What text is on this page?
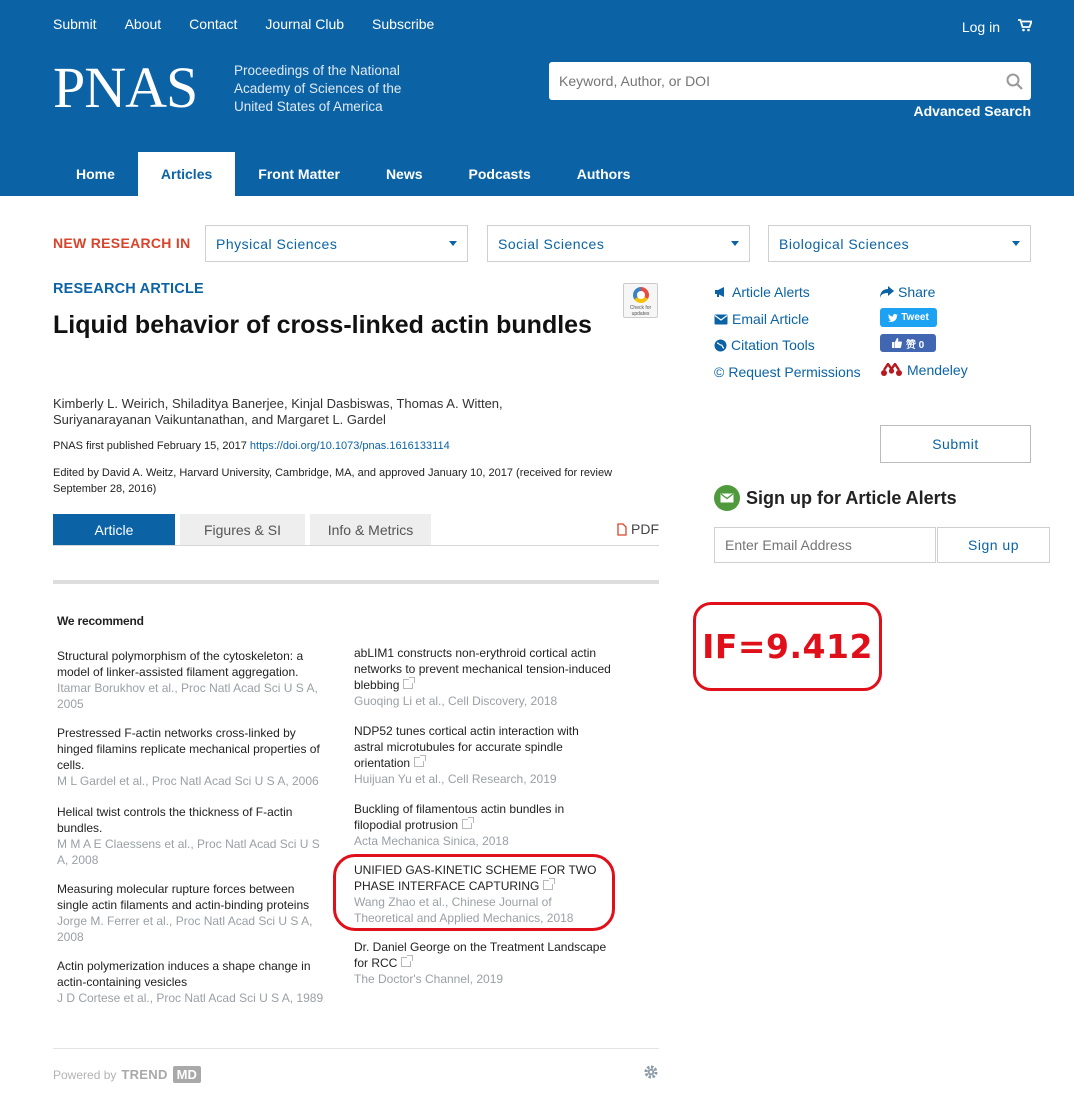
Submit About Contact Journal Club Subscribe	Log in
PNAS	Proceedings of the National Academy of Sciences of the United States of America
Keyword, Author, or DOI	Advanced Search
Home	Articles	Front Matter	News	Podcasts	Authors
NEW RESEARCH IN Physical Sciences	Social Sciences	Biological Sciences
RESEARCH ARTICLE
Check for updates
Liquid behavior of cross-linked actin bundles
Kimberly L. Weirich, Shiladitya Banerjee, Kinjal Dasbiswas, Thomas A. Witten, Suriyanarayanan Vaikuntanathan, and Margaret L. Gardel
PNAS first published February 15, 2017 https://doi.org/10.1073/pnas.1616133114
Edited by David A. Weitz, Harvard University, Cambridge, MA, and approved January 10, 2017 (received for review September 28, 2016)
Article	Figures & SI	Info & Metrics	PDF
We recommend
Structural polymorphism of the cytoskeleton: a model of linker-assisted filament aggregation.
Itamar Borukhov et al., Proc Natl Acad Sci U S A, 2005
Prestressed F-actin networks cross-linked by hinged filamins replicate mechanical properties of cells.
M L Gardel et al., Proc Natl Acad Sci U S A, 2006
Helical twist controls the thickness of F-actin bundles.
M M A E Claessens et al., Proc Natl Acad Sci U S A, 2008
Measuring molecular rupture forces between single actin filaments and actin-binding proteins
Jorge M. Ferrer et al., Proc Natl Acad Sci U S A, 2008
Actin polymerization induces a shape change in actin-containing vesicles
J D Cortese et al., Proc Natl Acad Sci U S A, 1989
abLIM1 constructs non-erythroid cortical actin networks to prevent mechanical tension-induced blebbing
Guoqing Li et al., Cell Discovery, 2018
NDP52 tunes cortical actin interaction with astral microtubules for accurate spindle orientation
Huijuan Yu et al., Cell Research, 2019
Buckling of filamentous actin bundles in filopodial protrusion
Acta Mechanica Sinica, 2018
UNIFIED GAS-KINETIC SCHEME FOR TWO PHASE INTERFACE CAPTURING
Wang Zhao et al., Chinese Journal of Theoretical and Applied Mechanics, 2018
Dr. Daniel George on the Treatment Landscape for RCC
The Doctor's Channel, 2019
Powered by TREND MD
Article Alerts
Email Article
Citation Tools
© Request Permissions
Share
Tweet
赞 0
Mendeley
Submit
Sign up for Article Alerts
Enter Email Address
Sign up
IF=9.412
